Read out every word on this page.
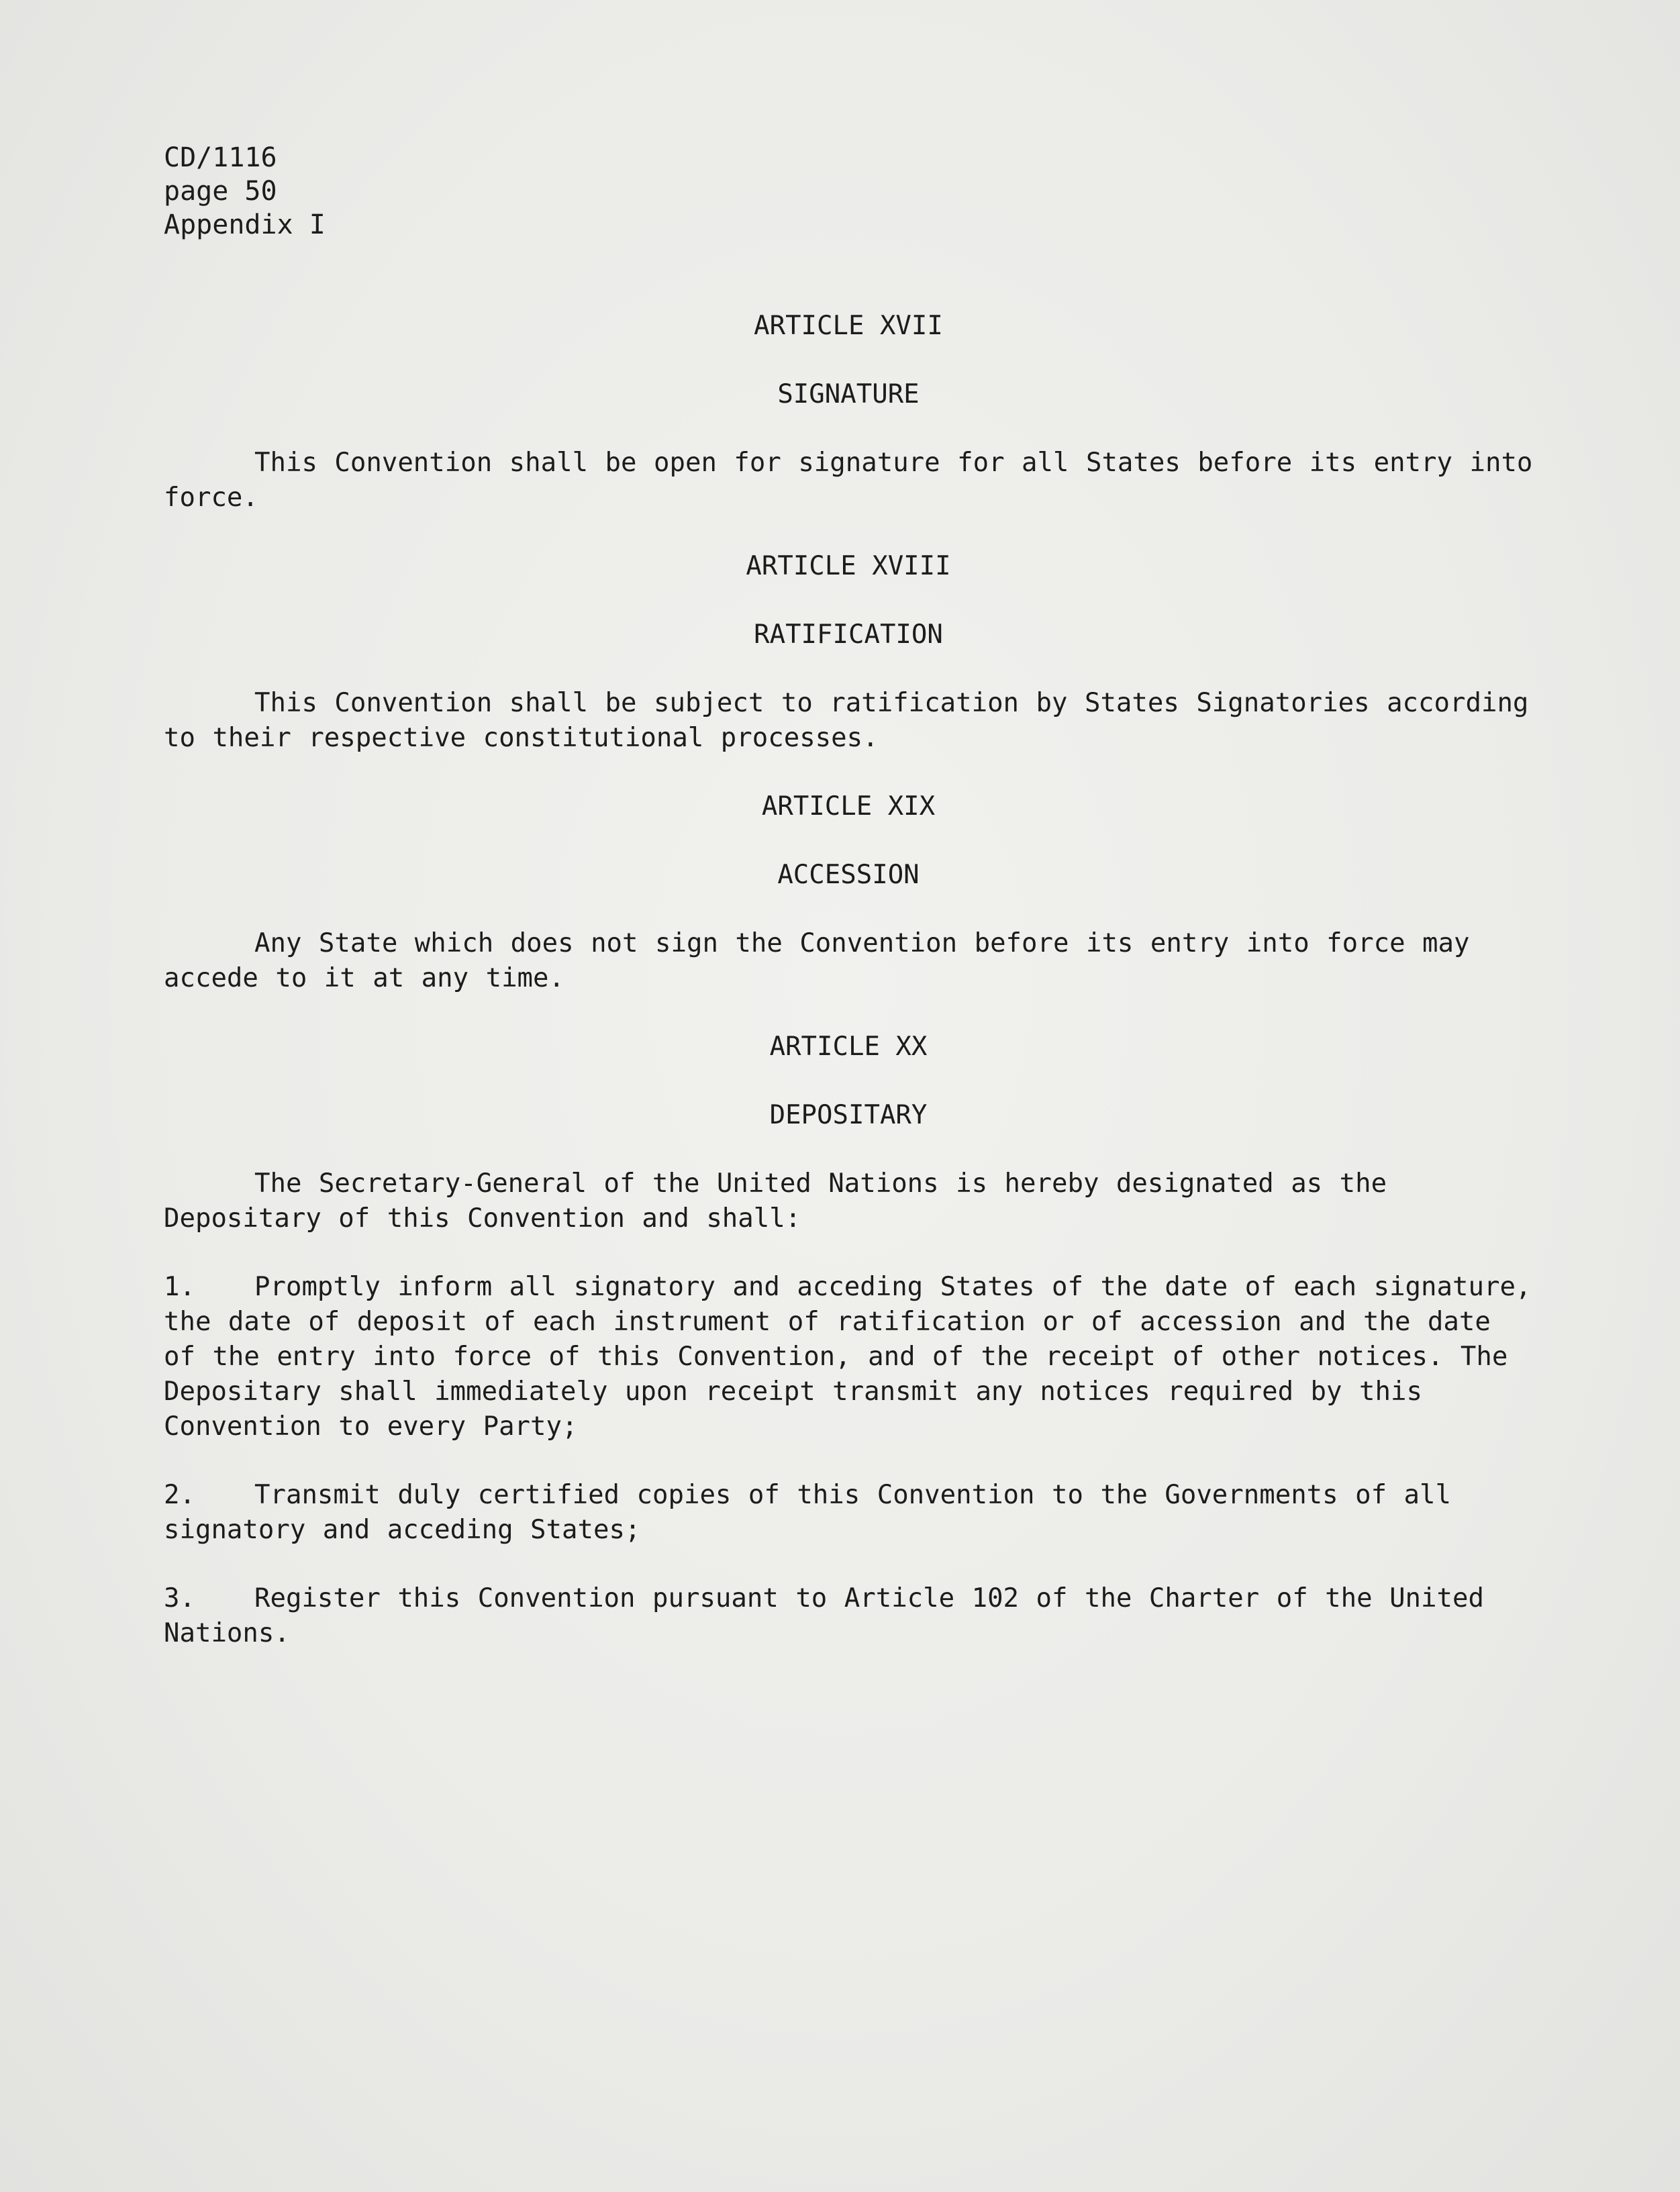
CD/1116
page 50
Appendix I

ARTICLE XVII

SIGNATURE

This Convention shall be open for signature for all States before its entry into force.

ARTICLE XVIII

RATIFICATION

This Convention shall be subject to ratification by States Signatories according to their respective constitutional processes.

ARTICLE XIX

ACCESSION

Any State which does not sign the Convention before its entry into force may accede to it at any time.

ARTICLE XX

DEPOSITARY

The Secretary-General of the United Nations is hereby designated as the Depositary of this Convention and shall:

1. Promptly inform all signatory and acceding States of the date of each signature, the date of deposit of each instrument of ratification or of accession and the date of the entry into force of this Convention, and of the receipt of other notices. The Depositary shall immediately upon receipt transmit any notices required by this Convention to every Party;

2. Transmit duly certified copies of this Convention to the Governments of all signatory and acceding States;

3. Register this Convention pursuant to Article 102 of the Charter of the United Nations.
